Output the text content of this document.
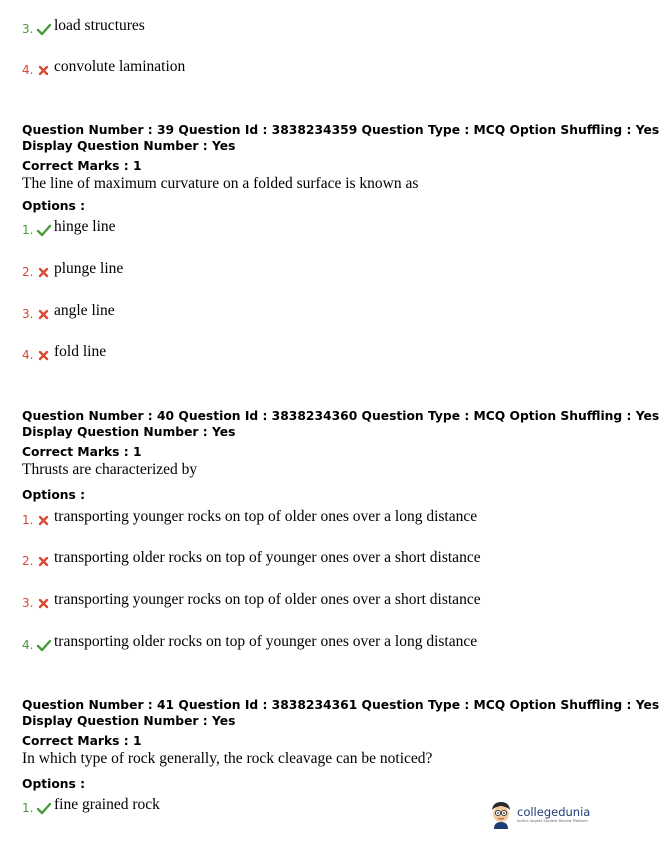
3. load structures
4. convolute lamination
Question Number : 39 Question Id : 3838234359 Question Type : MCQ Option Shuffling : Yes
Display Question Number : Yes
Correct Marks : 1
The line of maximum curvature on a folded surface is known as
Options :
1. hinge line
2. plunge line
3. angle line
4. fold line
Question Number : 40 Question Id : 3838234360 Question Type : MCQ Option Shuffling : Yes
Display Question Number : Yes
Correct Marks : 1
Thrusts are characterized by
Options :
1. transporting younger rocks on top of older ones over a long distance
2. transporting older rocks on top of younger ones over a short distance
3. transporting younger rocks on top of older ones over a short distance
4. transporting older rocks on top of younger ones over a long distance
Question Number : 41 Question Id : 3838234361 Question Type : MCQ Option Shuffling : Yes
Display Question Number : Yes
Correct Marks : 1
In which type of rock generally, the rock cleavage can be noticed?
Options :
1. fine grained rock	collegedunia
India's largest Student Review Platform
